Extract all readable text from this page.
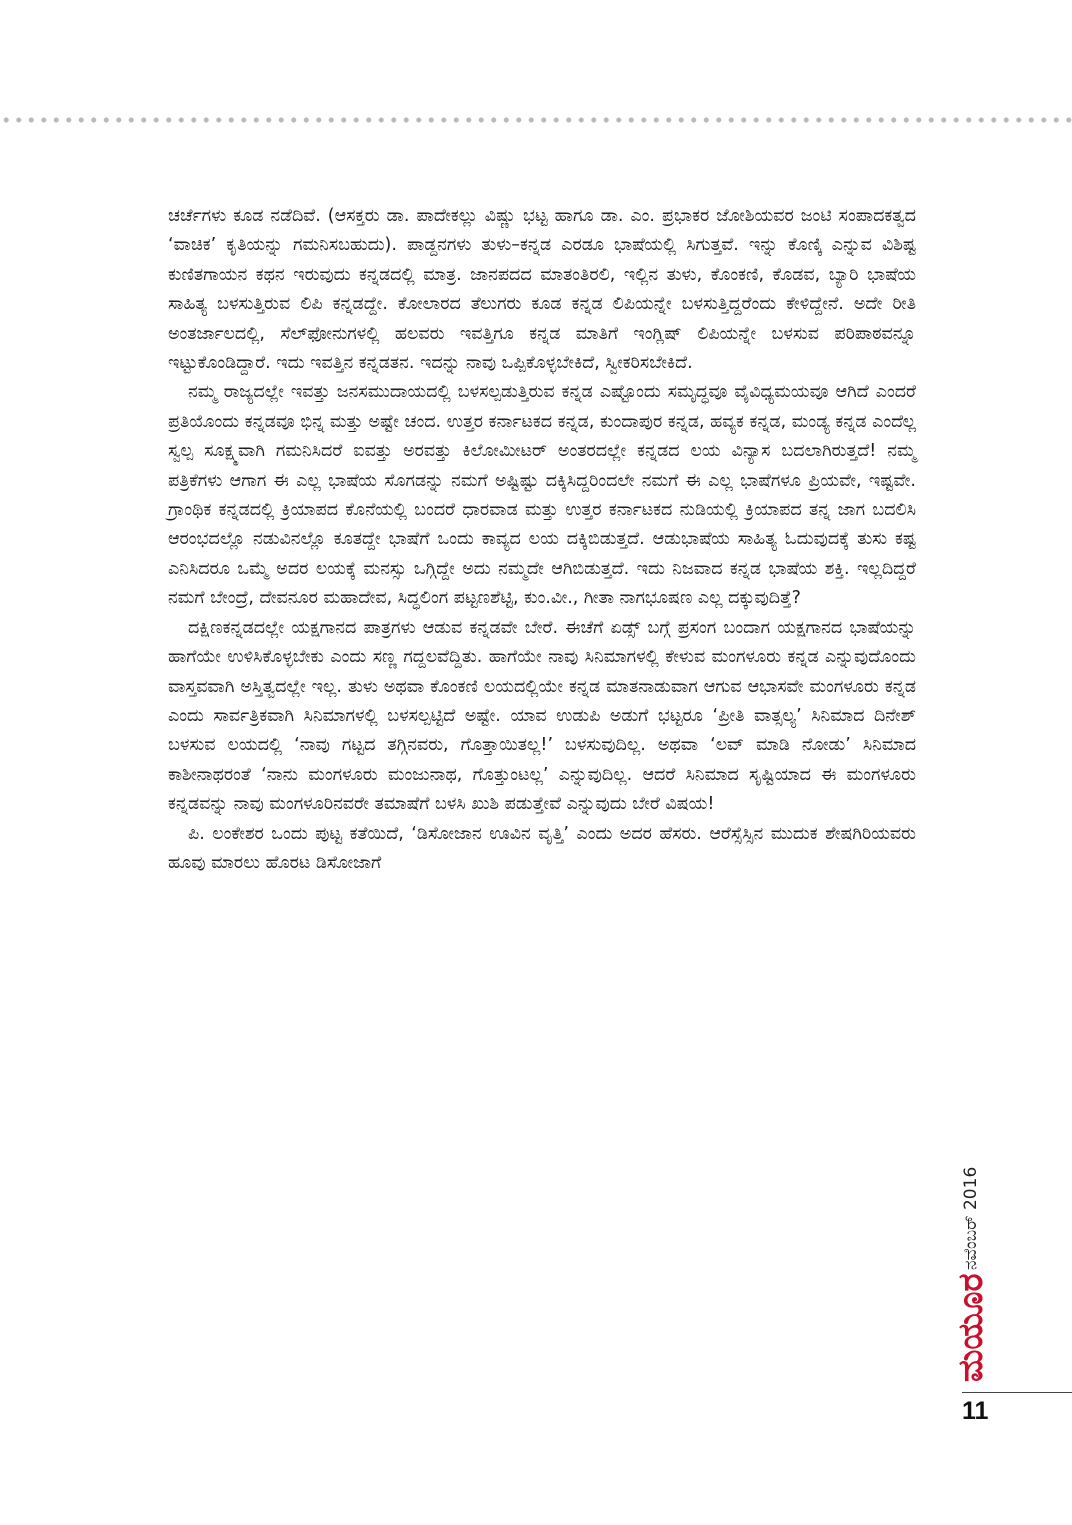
ಚರ್ಚೆಗಳು ಕೂಡ ನಡೆದಿವೆ. (ಆಸಕ್ತರು ಡಾ. ಪಾದೇಕಲ್ಲು ವಿಷ್ಣು ಭಟ್ಟ ಹಾಗೂ ಡಾ. ಎಂ. ಪ್ರಭಾಕರ ಜೋಶಿಯವರ ಜಂಟಿ ಸಂಪಾದಕತ್ವದ ‘ವಾಚಿಕ’ ಕೃತಿಯನ್ನು ಗಮನಿಸಬಹುದು). ಪಾಡ್ದನಗಳು ತುಳು–ಕನ್ನಡ ಎರಡೂ ಭಾಷೆಯಲ್ಲಿ ಸಿಗುತ್ತವೆ. ಇನ್ನು ಕೊಣ್ಕಿ ಎನ್ನುವ ವಿಶಿಷ್ಟ ಕುಣಿತಗಾಯನ ಕಥನ ಇರುವುದು ಕನ್ನಡದಲ್ಲಿ ಮಾತ್ರ. ಜಾನಪದದ ಮಾತಂತಿರಲಿ, ಇಲ್ಲಿನ ತುಳು, ಕೊಂಕಣಿ, ಕೊಡವ, ಬ್ಯಾರಿ ಭಾಷೆಯ ಸಾಹಿತ್ಯ ಬಳಸುತ್ತಿರುವ ಲಿಪಿ ಕನ್ನಡದ್ದೇ. ಕೋಲಾರದ ತೆಲುಗರು ಕೂಡ ಕನ್ನಡ ಲಿಪಿಯನ್ನೇ ಬಳಸುತ್ತಿದ್ದರೆಂದು ಕೇಳಿದ್ದೇನೆ. ಅದೇ ರೀತಿ ಅಂತರ್ಜಾಲದಲ್ಲಿ, ಸೆಲ್‌ಫೋನುಗಳಲ್ಲಿ ಹಲವರು ಇವತ್ತಿಗೂ ಕನ್ನಡ ಮಾತಿಗೆ ಇಂಗ್ಲಿಷ್ ಲಿಪಿಯನ್ನೇ ಬಳಸುವ ಪರಿಪಾಠವನ್ನೂ ಇಟ್ಟುಕೊಂಡಿದ್ದಾರೆ. ಇದು ಇವತ್ತಿನ ಕನ್ನಡತನ. ಇದನ್ನು ನಾವು ಒಪ್ಪಿಕೊಳ್ಳಬೇಕಿದೆ, ಸ್ವೀಕರಿಸಬೇಕಿದೆ.

ನಮ್ಮ ರಾಜ್ಯದಲ್ಲೇ ಇವತ್ತು ಜನಸಮುದಾಯದಲ್ಲಿ ಬಳಸಲ್ಪಡುತ್ತಿರುವ ಕನ್ನಡ ಎಷ್ಟೊಂದು ಸಮೃದ್ಧವೂ ವೈವಿಧ್ಯಮಯವೂ ಆಗಿದೆ ಎಂದರೆ ಪ್ರತಿಯೊಂದು ಕನ್ನಡವೂ ಭಿನ್ನ ಮತ್ತು ಅಷ್ಟೇ ಚಂದ. ಉತ್ತರ ಕರ್ನಾಟಕದ ಕನ್ನಡ, ಕುಂದಾಪುರ ಕನ್ನಡ, ಹವ್ಯಕ ಕನ್ನಡ, ಮಂಡ್ಯ ಕನ್ನಡ ಎಂದೆಲ್ಲ ಸ್ವಲ್ಪ ಸೂಕ್ಷ್ಮವಾಗಿ ಗಮನಿಸಿದರೆ ಐವತ್ತು ಅರವತ್ತು ಕಿಲೋಮೀಟರ್ ಅಂತರದಲ್ಲೇ ಕನ್ನಡದ ಲಯ ವಿನ್ಯಾಸ ಬದಲಾಗಿರುತ್ತದೆ! ನಮ್ಮ ಪತ್ರಿಕೆಗಳು ಆಗಾಗ ಈ ಎಲ್ಲ ಭಾಷೆಯ ಸೊಗಡನ್ನು ನಮಗೆ ಅಷ್ಟಿಷ್ಟು ದಕ್ಕಿಸಿದ್ದರಿಂದಲೇ ನಮಗೆ ಈ ಎಲ್ಲ ಭಾಷೆಗಳೂ ಪ್ರಿಯವೇ, ಇಷ್ಟವೇ. ಗ್ರಾಂಥಿಕ ಕನ್ನಡದಲ್ಲಿ ಕ್ರಿಯಾಪದ ಕೊನೆಯಲ್ಲಿ ಬಂದರೆ ಧಾರವಾಡ ಮತ್ತು ಉತ್ತರ ಕರ್ನಾಟಕದ ನುಡಿಯಲ್ಲಿ ಕ್ರಿಯಾಪದ ತನ್ನ ಜಾಗ ಬದಲಿಸಿ ಆರಂಭದಲ್ಲೊ ನಡುವಿನಲ್ಲೊ ಕೂತದ್ದೇ ಭಾಷೆಗೆ ಒಂದು ಕಾವ್ಯದ ಲಯ ದಕ್ಕಿಬಿಡುತ್ತದೆ. ಆಡುಭಾಷೆಯ ಸಾಹಿತ್ಯ ಓದುವುದಕ್ಕೆ ತುಸು ಕಷ್ಟ ಎನಿಸಿದರೂ ಒಮ್ಮೆ ಅದರ ಲಯಕ್ಕೆ ಮನಸ್ಸು ಒಗ್ಗಿದ್ದೇ ಅದು ನಮ್ಮದೇ ಆಗಿಬಿಡುತ್ತದೆ. ಇದು ನಿಜವಾದ ಕನ್ನಡ ಭಾಷೆಯ ಶಕ್ತಿ. ಇಲ್ಲದಿದ್ದರೆ ನಮಗೆ ಬೇಂದ್ರೆ, ದೇವನೂರ ಮಹಾದೇವ, ಸಿದ್ಧಲಿಂಗ ಪಟ್ಟಣಶೆಟ್ಟಿ, ಕುಂ.ವೀ., ಗೀತಾ ನಾಗಭೂಷಣ ಎಲ್ಲ ದಕ್ಕುವುದಿತ್ತೆ?

ದಕ್ಷಿಣಕನ್ನಡದಲ್ಲೇ ಯಕ್ಷಗಾನದ ಪಾತ್ರಗಳು ಆಡುವ ಕನ್ನಡವೇ ಬೇರೆ. ಈಚೆಗೆ ಏಡ್ಸ್ ಬಗ್ಗೆ ಪ್ರಸಂಗ ಬಂದಾಗ ಯಕ್ಷಗಾನದ ಭಾಷೆಯನ್ನು ಹಾಗೆಯೇ ಉಳಿಸಿಕೊಳ್ಳಬೇಕು ಎಂದು ಸಣ್ಣ ಗದ್ದಲವೆದ್ದಿತು. ಹಾಗೆಯೇ ನಾವು ಸಿನಿಮಾಗಳಲ್ಲಿ ಕೇಳುವ ಮಂಗಳೂರು ಕನ್ನಡ ಎನ್ನುವುದೊಂದು ವಾಸ್ತವವಾಗಿ ಅಸ್ತಿತ್ವದಲ್ಲೇ ಇಲ್ಲ. ತುಳು ಅಥವಾ ಕೊಂಕಣಿ ಲಯದಲ್ಲಿಯೇ ಕನ್ನಡ ಮಾತನಾಡುವಾಗ ಆಗುವ ಆಭಾಸವೇ ಮಂಗಳೂರು ಕನ್ನಡ ಎಂದು ಸಾರ್ವತ್ರಿಕವಾಗಿ ಸಿನಿಮಾಗಳಲ್ಲಿ ಬಳಸಲ್ಪಟ್ಟಿದೆ ಅಷ್ಟೇ. ಯಾವ ಉಡುಪಿ ಅಡುಗೆ ಭಟ್ಟರೂ ‘ಪ್ರೀತಿ ವಾತ್ಸಲ್ಯ’ ಸಿನಿಮಾದ ದಿನೇಶ್ ಬಳಸುವ ಲಯದಲ್ಲಿ ‘ನಾವು ಗಟ್ಟದ ತಗ್ಗಿನವರು, ಗೊತ್ತಾಯಿತಲ್ಲ!’ ಬಳಸುವುದಿಲ್ಲ. ಅಥವಾ ‘ಲವ್ ಮಾಡಿ ನೋಡು’ ಸಿನಿಮಾದ ಕಾಶೀನಾಥರಂತೆ ‘ನಾನು ಮಂಗಳೂರು ಮಂಜುನಾಥ, ಗೊತ್ತುಂಟಲ್ಲ’ ಎನ್ನುವುದಿಲ್ಲ. ಆದರೆ ಸಿನಿಮಾದ ಸೃಷ್ಟಿಯಾದ ಈ ಮಂಗಳೂರು ಕನ್ನಡವನ್ನು ನಾವು ಮಂಗಳೂರಿನವರೇ ತಮಾಷೆಗೆ ಬಳಸಿ ಖುಶಿ ಪಡುತ್ತೇವೆ ಎನ್ನುವುದು ಬೇರೆ ವಿಷಯ!

ಪಿ. ಲಂಕೇಶರ ಒಂದು ಪುಟ್ಟ ಕತೆಯಿದೆ, ‘ಡಿಸೋಜಾನ ಊವಿನ ವೃತ್ತಿ’ ಎಂದು ಅದರ ಹೆಸರು. ಆರೆಸ್ಸೆಸ್ಸಿನ ಮುದುಕ ಶೇಷಗಿರಿಯವರು ಹೂವು ಮಾರಲು ಹೊರಟ ಡಿಸೋಜಾಗೆ

ನವೆಂಬರ್ 2016
ಮಯೂರ
11
